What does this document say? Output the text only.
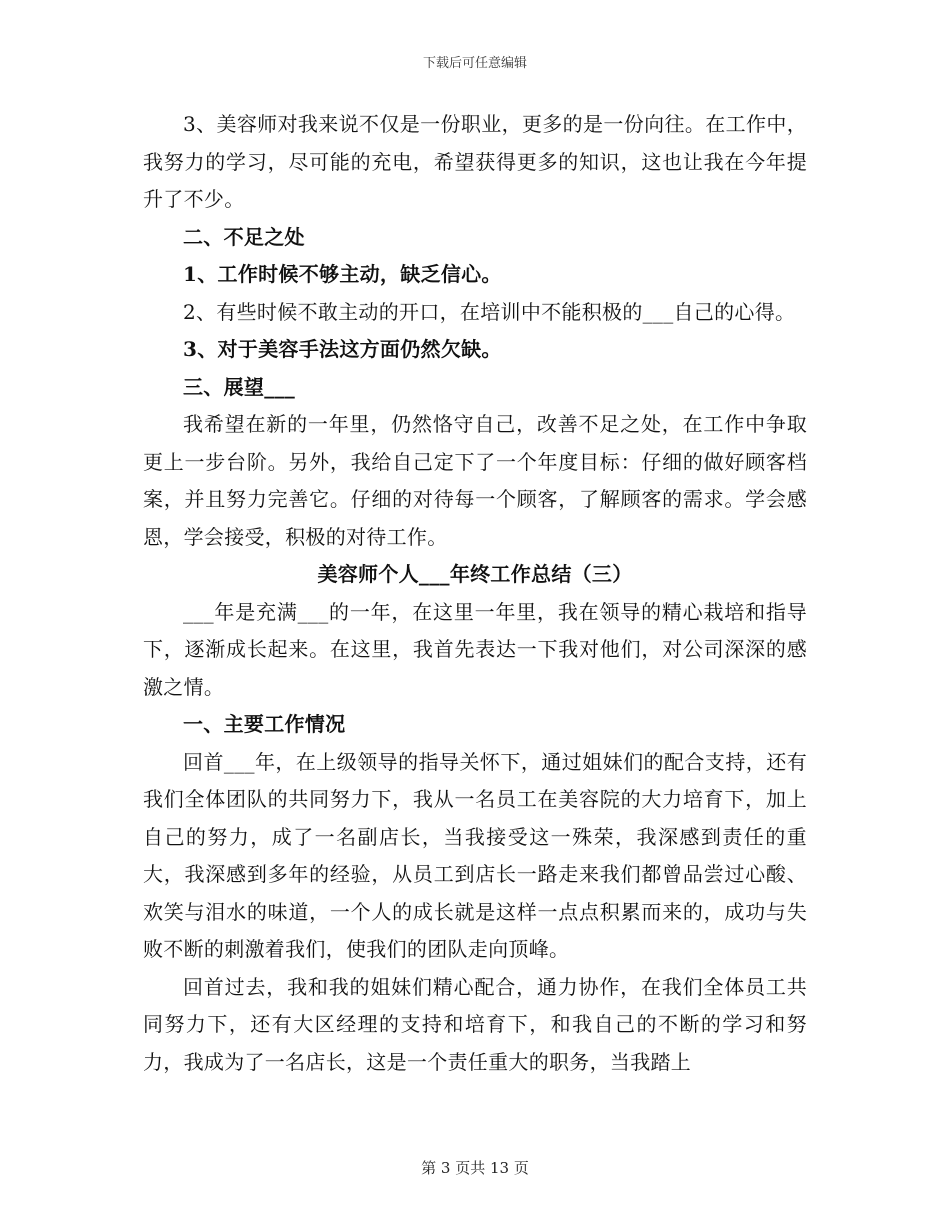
下载后可任意编辑

3、美容师对我来说不仅是一份职业，更多的是一份向往。在工作中，我努力的学习，尽可能的充电，希望获得更多的知识，这也让我在今年提升了不少。

二、不足之处

1、工作时候不够主动，缺乏信心。

2、有些时候不敢主动的开口，在培训中不能积极的___自己的心得。

3、对于美容手法这方面仍然欠缺。

三、展望___

我希望在新的一年里，仍然恪守自己，改善不足之处，在工作中争取更上一步台阶。另外，我给自己定下了一个年度目标：仔细的做好顾客档案，并且努力完善它。仔细的对待每一个顾客，了解顾客的需求。学会感恩，学会接受，积极的对待工作。

美容师个人___年终工作总结（三）

___年是充满___的一年，在这里一年里，我在领导的精心栽培和指导下，逐渐成长起来。在这里，我首先表达一下我对他们，对公司深深的感激之情。

一、主要工作情况

回首___年，在上级领导的指导关怀下，通过姐妹们的配合支持，还有我们全体团队的共同努力下，我从一名员工在美容院的大力培育下，加上自己的努力，成了一名副店长，当我接受这一殊荣，我深感到责任的重大，我深感到多年的经验，从员工到店长一路走来我们都曾品尝过心酸、欢笑与泪水的味道，一个人的成长就是这样一点点积累而来的，成功与失败不断的刺激着我们，使我们的团队走向顶峰。

回首过去，我和我的姐妹们精心配合，通力协作，在我们全体员工共同努力下，还有大区经理的支持和培育下，和我自己的不断的学习和努力，我成为了一名店长，这是一个责任重大的职务，当我踏上

第 3 页共 13 页
